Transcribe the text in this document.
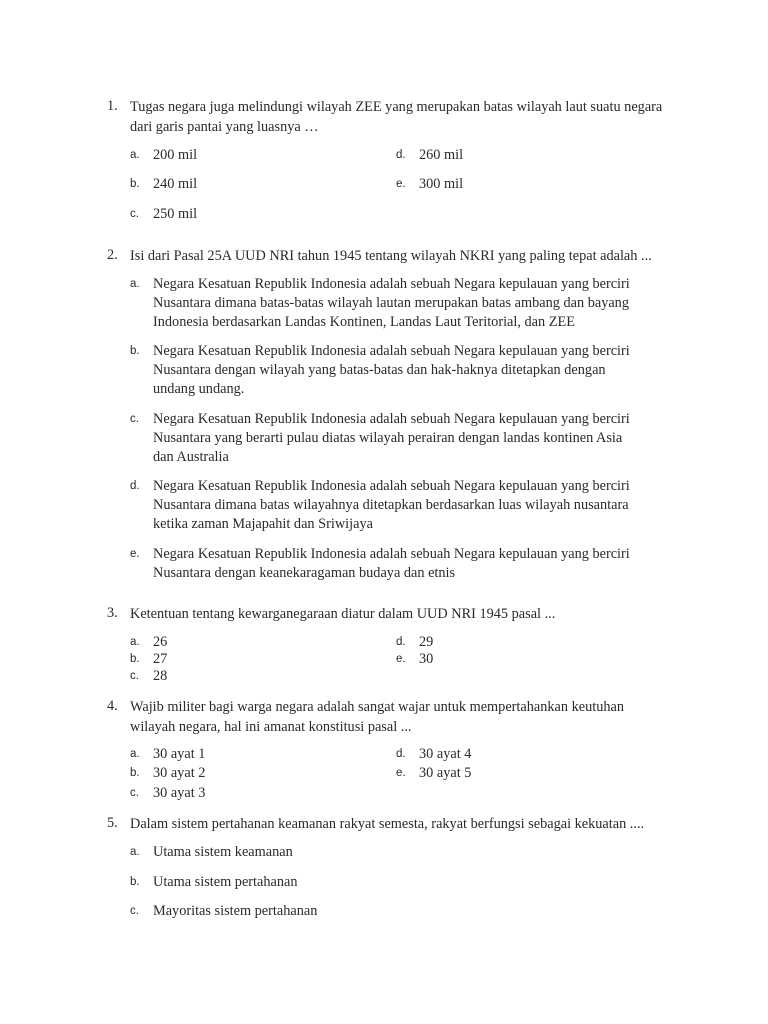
1. Tugas negara juga melindungi wilayah ZEE yang merupakan batas wilayah laut suatu negara
dari garis pantai yang luasnya …
a. 200 mil
b. 240 mil
c. 250 mil
d. 260 mil
e. 300 mil
2. Isi dari Pasal 25A UUD NRI tahun 1945 tentang wilayah NKRI yang paling tepat adalah ...
a. Negara Kesatuan Republik Indonesia adalah sebuah Negara kepulauan yang berciri
Nusantara dimana batas-batas wilayah lautan merupakan batas ambang dan bayang
Indonesia berdasarkan Landas Kontinen, Landas Laut Teritorial, dan ZEE
b. Negara Kesatuan Republik Indonesia adalah sebuah Negara kepulauan yang berciri
Nusantara dengan wilayah yang batas-batas dan hak-haknya ditetapkan dengan
undang undang.
c. Negara Kesatuan Republik Indonesia adalah sebuah Negara kepulauan yang berciri
Nusantara yang berarti pulau diatas wilayah perairan dengan landas kontinen Asia
dan Australia
d. Negara Kesatuan Republik Indonesia adalah sebuah Negara kepulauan yang berciri
Nusantara dimana batas wilayahnya ditetapkan berdasarkan luas wilayah nusantara
ketika zaman Majapahit dan Sriwijaya
e. Negara Kesatuan Republik Indonesia adalah sebuah Negara kepulauan yang berciri
Nusantara dengan keanekaragaman budaya dan etnis
3. Ketentuan tentang kewarganegaraan diatur dalam UUD NRI 1945 pasal ...
a. 26
b. 27
c. 28
d. 29
e. 30
4. Wajib militer bagi warga negara adalah sangat wajar untuk mempertahankan keutuhan
wilayah negara, hal ini amanat konstitusi pasal ...
a. 30 ayat 1
b. 30 ayat 2
c. 30 ayat 3
d. 30 ayat 4
e. 30 ayat 5
5. Dalam sistem pertahanan keamanan rakyat semesta, rakyat berfungsi sebagai kekuatan ....
a. Utama sistem keamanan
b. Utama sistem pertahanan
c. Mayoritas sistem pertahanan
